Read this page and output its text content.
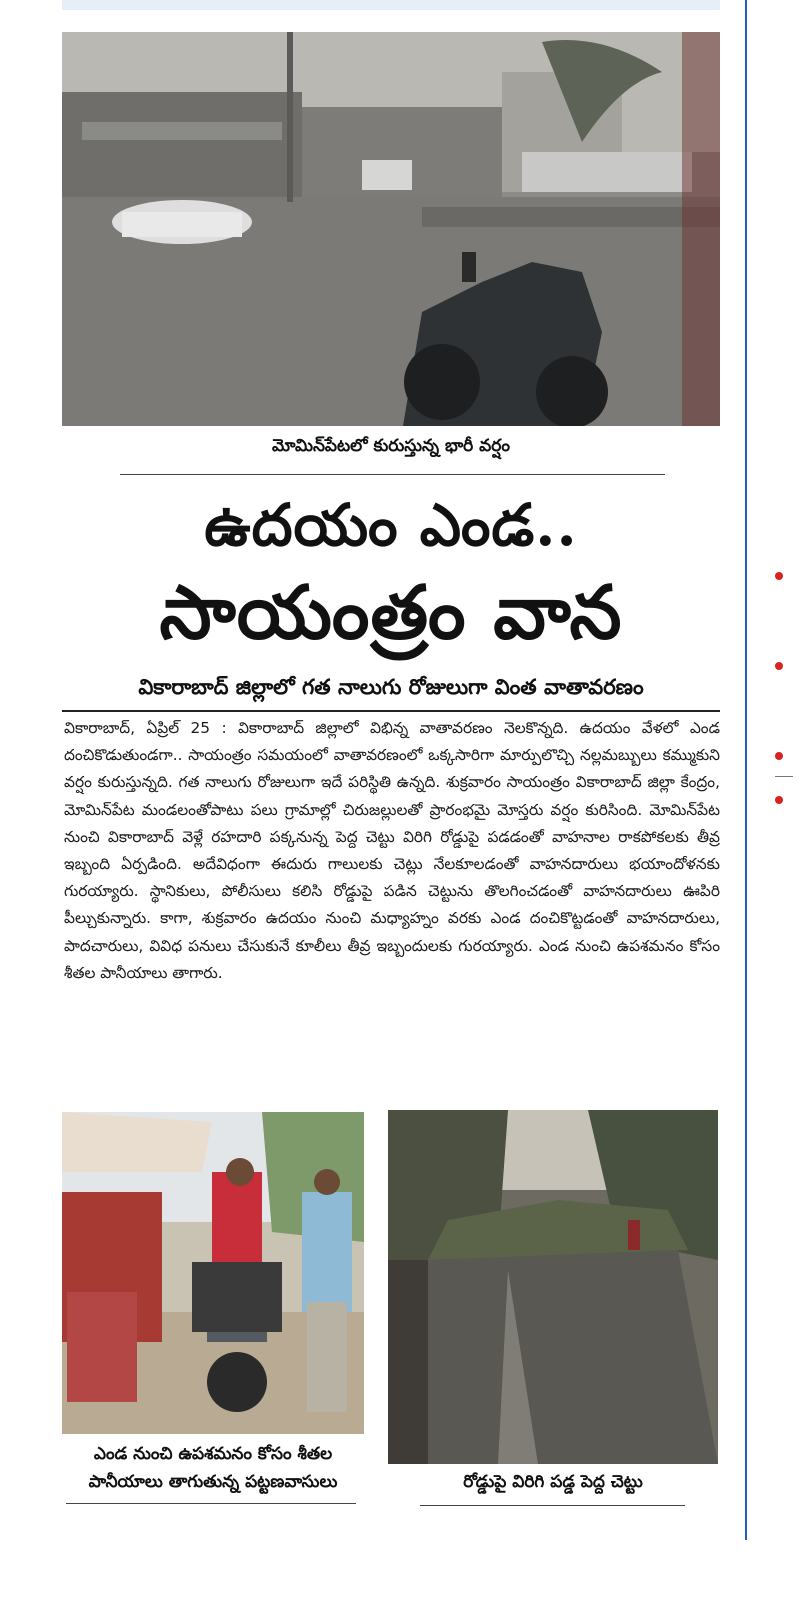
మోమిన్‌పేటలో కురుస్తున్న భారీ వర్షం
ఉదయం ఎండ..
సాయంత్రం వాన
వికారాబాద్ జిల్లాలో గత నాలుగు రోజులుగా వింత వాతావరణం
వికారాబాద్, ఏప్రిల్ 25 : వికారాబాద్ జిల్లాలో విభిన్న వాతావరణం నెలకొన్నది. ఉదయం వేళలో ఎండ దంచికొడుతుండగా.. సాయంత్రం సమయంలో వాతావరణంలో ఒక్కసారిగా మార్పులొచ్చి నల్లమబ్బులు కమ్ముకుని వర్షం కురుస్తున్నది. గత నాలుగు రోజులుగా ఇదే పరిస్థితి ఉన్నది. శుక్రవారం సాయంత్రం వికారాబాద్ జిల్లా కేంద్రం, మోమిన్‌పేట మండలంతోపాటు పలు గ్రామాల్లో చిరుజల్లులతో ప్రారంభమై మోస్తరు వర్షం కురిసింది. మోమిన్‌పేట నుంచి వికారాబాద్ వెళ్లే రహదారి పక్కనున్న పెద్ద చెట్టు విరిగి రోడ్డుపై పడడంతో వాహనాల రాకపోకలకు తీవ్ర ఇబ్బంది ఏర్పడింది. అదేవిధంగా ఈదురు గాలులకు చెట్లు నేలకూలడంతో వాహనదారులు భయాందోళనకు గురయ్యారు. స్థానికులు, పోలీసులు కలిసి రోడ్డుపై పడిన చెట్టును తొలగించడంతో వాహనదారులు ఊపిరి పీల్చుకున్నారు. కాగా, శుక్రవారం ఉదయం నుంచి మధ్యాహ్నం వరకు ఎండ దంచికొట్టడంతో వాహనదారులు, పాదచారులు, వివిధ పనులు చేసుకునే కూలీలు తీవ్ర ఇబ్బందులకు గురయ్యారు. ఎండ నుంచి ఉపశమనం కోసం శీతల పానీయాలు తాగారు.
ఎండ నుంచి ఉపశమనం కోసం శీతల
పానీయాలు తాగుతున్న పట్టణవాసులు	రోడ్డుపై విరిగి పడ్డ పెద్ద చెట్టు
